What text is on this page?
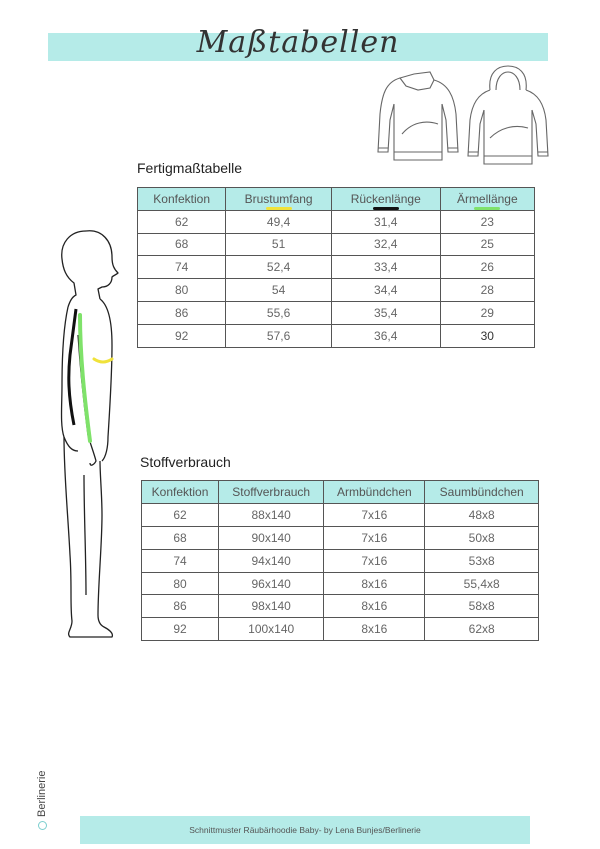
Maßtabellen
Fertigmaßtabelle
Konfektion	Brustumfang	Rückenlänge	Ärmellänge

62	49,4	31,4	23
68	51	32,4	25
74	52,4	33,4	26
80	54	34,4	28
86	55,6	35,4	29
92	57,6	36,4	30
Stoffverbrauch
Konfektion	Stoffverbrauch	Armbündchen	Saumbündchen
62	88x140	7x16	48x8
68	90x140	7x16	50x8
74	94x140	7x16	53x8
80	96x140	8x16	55,4x8
86	98x140	8x16	58x8
92	100x140	8x16	62x8
Berlinerie
Schnittmuster Räubärhoodie Baby- by Lena Bunjes/Berlinerie
